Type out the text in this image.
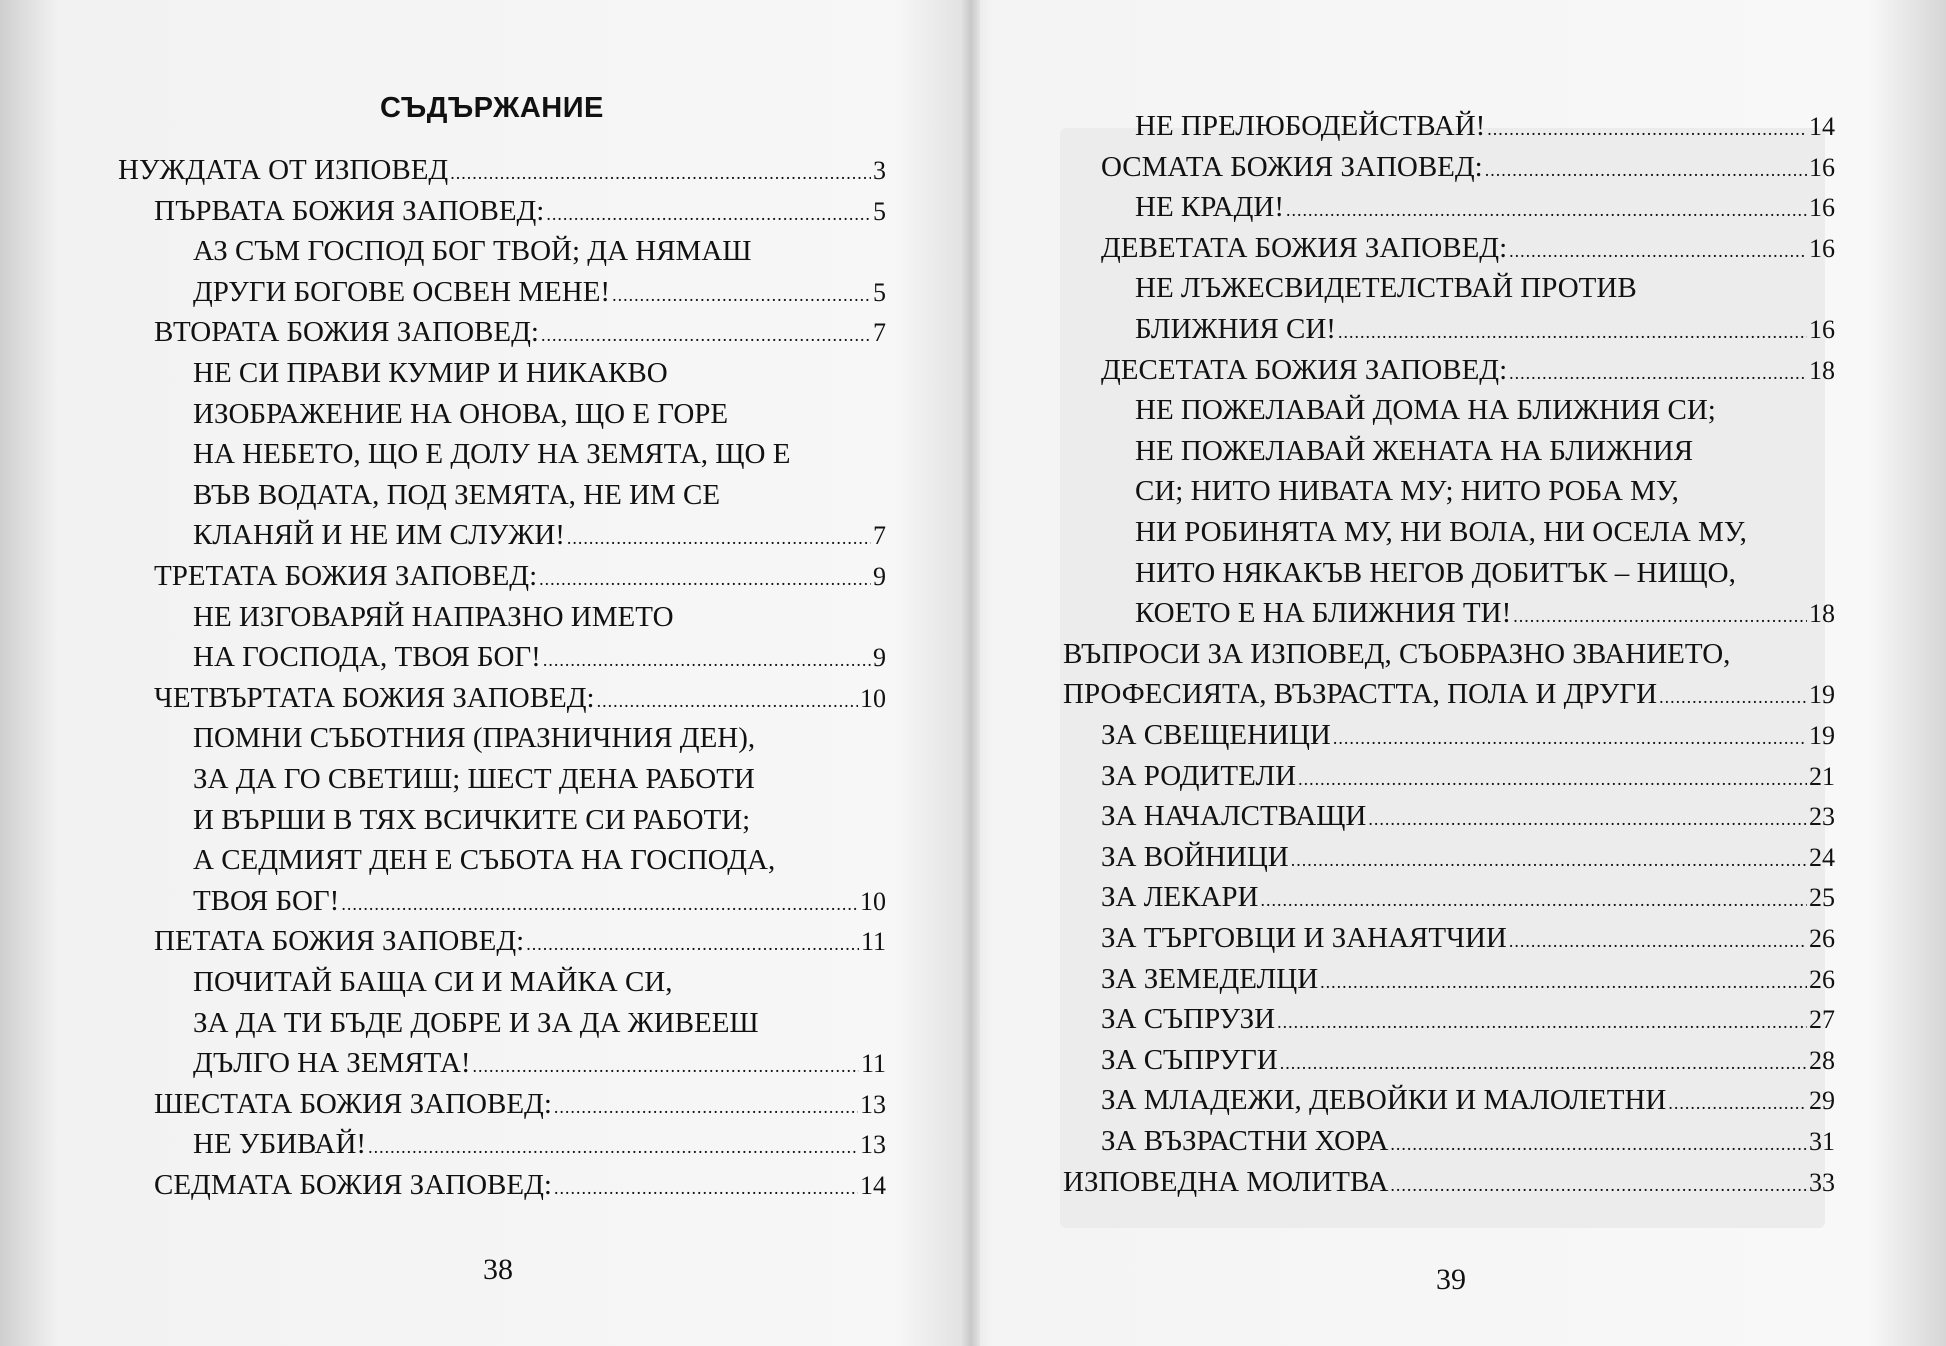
СЪДЪРЖАНИЕ
НУЖДАТА ОТ ИЗПОВЕД .....	3
ПЪРВАТА БОЖИЯ ЗАПОВЕД: .....	5
АЗ СЪМ ГОСПОД БОГ ТВОЙ; ДА НЯМАШ
ДРУГИ БОГОВЕ ОСВЕН МЕНЕ! .....	5
ВТОРАТА БОЖИЯ ЗАПОВЕД: .....	7
НЕ СИ ПРАВИ КУМИР И НИКАКВО
ИЗОБРАЖЕНИЕ НА ОНОВА, ЩО Е ГОРЕ
НА НЕБЕТО, ЩО Е ДОЛУ НА ЗЕМЯТА, ЩО Е
ВЪВ ВОДАТА, ПОД ЗЕМЯТА, НЕ ИМ СЕ
КЛАНЯЙ И НЕ ИМ СЛУЖИ! .....	7
ТРЕТАТА БОЖИЯ ЗАПОВЕД: .....	9
НЕ ИЗГОВАРЯЙ НАПРАЗНО ИМЕТО
НА ГОСПОДА, ТВОЯ БОГ! .....	9
ЧЕТВЪРТАТА БОЖИЯ ЗАПОВЕД: .....	10
ПОМНИ СЪБОТНИЯ (ПРАЗНИЧНИЯ ДЕН),
ЗА ДА ГО СВЕТИШ; ШЕСТ ДЕНА РАБОТИ
И ВЪРШИ В ТЯХ ВСИЧКИТЕ СИ РАБОТИ;
А СЕДМИЯТ ДЕН Е СЪБОТА НА ГОСПОДА,
ТВОЯ БОГ! .....	10
ПЕТАТА БОЖИЯ ЗАПОВЕД: .....	11
ПОЧИТАЙ БАЩА СИ И МАЙКА СИ,
ЗА ДА ТИ БЪДЕ ДОБРЕ И ЗА ДА ЖИВЕЕШ
ДЪЛГО НА ЗЕМЯТА! .....	11
ШЕСТАТА БОЖИЯ ЗАПОВЕД: .....	13
НЕ УБИВАЙ! .....	13
СЕДМАТА БОЖИЯ ЗАПОВЕД: .....	14
38
НЕ ПРЕЛЮБОДЕЙСТВАЙ! .....	14
ОСМАТА БОЖИЯ ЗАПОВЕД: .....	16
НЕ КРАДИ! .....	16
ДЕВЕТАТА БОЖИЯ ЗАПОВЕД: .....	16
НЕ ЛЪЖЕСВИДЕТЕЛСТВАЙ ПРОТИВ
БЛИЖНИЯ СИ! .....	16
ДЕСЕТАТА БОЖИЯ ЗАПОВЕД: .....	18
НЕ ПОЖЕЛАВАЙ ДОМА НА БЛИЖНИЯ СИ;
НЕ ПОЖЕЛАВАЙ ЖЕНАТА НА БЛИЖНИЯ
СИ; НИТО НИВАТА МУ; НИТО РОБА МУ,
НИ РОБИНЯТА МУ, НИ ВОЛА, НИ ОСЕЛА МУ,
НИТО НЯКАКЪВ НЕГОВ ДОБИТЪК – НИЩО,
КОЕТО Е НА БЛИЖНИЯ ТИ! .....	18
ВЪПРОСИ ЗА ИЗПОВЕД, СЪОБРАЗНО ЗВАНИЕТО,
ПРОФЕСИЯТА, ВЪЗРАСТТА, ПОЛА И ДРУГИ .....	19
ЗА СВЕЩЕНИЦИ .....	19
ЗА РОДИТЕЛИ .....	21
ЗА НАЧАЛСТВАЩИ .....	23
ЗА ВОЙНИЦИ .....	24
ЗА ЛЕКАРИ .....	25
ЗА ТЪРГОВЦИ И ЗАНАЯТЧИИ .....	26
ЗА ЗЕМЕДЕЛЦИ .....	26
ЗА СЪПРУЗИ .....	27
ЗА СЪПРУГИ .....	28
ЗА МЛАДЕЖИ, ДЕВОЙКИ И МАЛОЛЕТНИ .....	29
ЗА ВЪЗРАСТНИ ХОРА .....	31
ИЗПОВЕДНА МОЛИТВА .....	33
39
